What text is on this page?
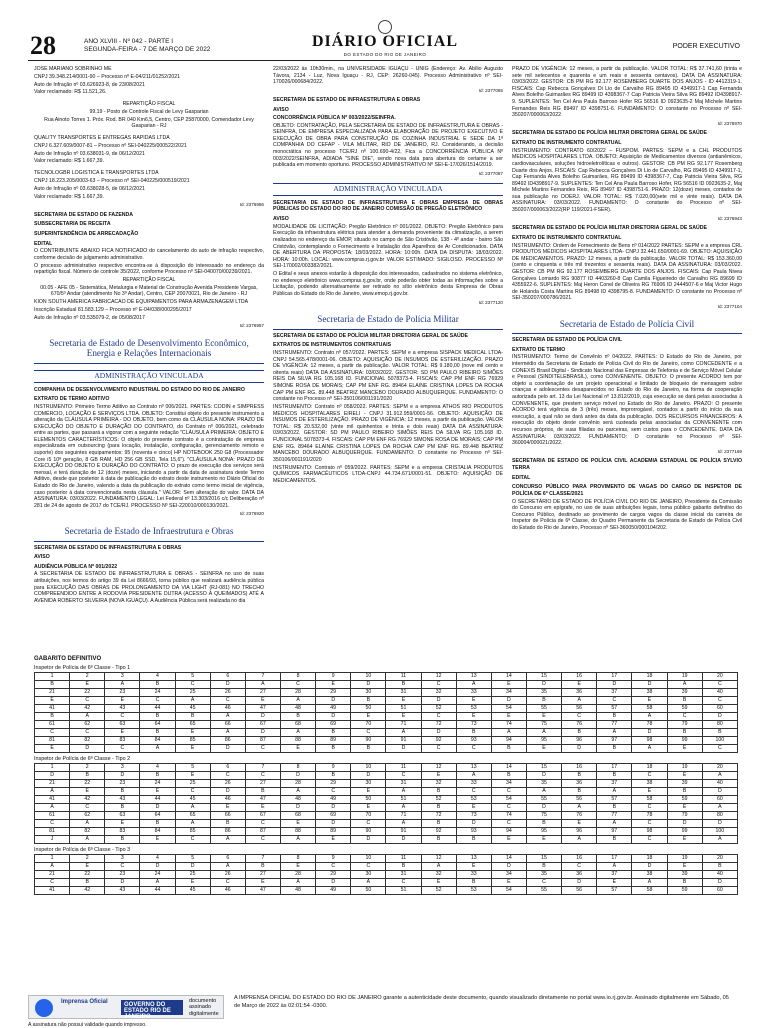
28	ANO XLVIII - Nº 042 - PARTE I
SEGUNDA-FEIRA - 7 DE MARÇO DE 2022	DIÁRIO OFICIAL
DO ESTADO DO RIO DE JANEIRO
PODER EXECUTIVO

JOSE MARIANO SOBRINHO ME

CNPJ 39.348.214/0001-90 – Processo nº E-04/211/01252/2021

Auto de Infração nº 03.626923-8, de 23/08/2021

Valor reclamado: R$ 11.521,26.

REPARTIÇÃO FISCAL

99.19 - Posto de Controle Fiscal de Levy Gasparian

Rua Ainoto Torres 1. Próx. Rod. BR 040 Km6,5, Centro, CEP 25870000, Comendador Levy Gasparian - RJ

QUALITY TRANSPORTES E ENTREGAS RAPIDAS LTDA

CNPJ 6.327.609/0007-81 – Processo nº SEI-040225/000522/2021

Auto de Infração nº 03.638031-9, de 06/12/2021

Valor reclamado: R$ 1.667,39.

TECNOLOGBR LOGISTICA E TRANSPORTES LTDA

CNPJ 18.223.205/0003-63 – Processo nº SEI-040225/000519/2021

Auto de Infração nº 03.638028-5, de 06/12/2021

Valor reclamado: R$ 1.667,39.

Id: 2376956

SECRETARIA DE ESTADO DE FAZENDA

SUBSECRETARIA DE RECEITA

SUPERINTENDÊNCIA DE ARRECADAÇÃO

EDITAL

O CONTRIBUINTE ABAIXO FICA NOTIFICADO do cancelamento do auto de infração respectivo, conforme decisão de julgamento administrativo.

O processo administrativo respectivo encontra-se à disposição do interessado no endereço da repartição fiscal. Número de controle 35/2022, conforme Processo nº SEI-040070/00239/2021.

REPARTIÇÃO FISCAL

00.05 - AFE 05 - Sistemática, Metalurgia e Material de Construção Avenida Presidente Vargas, 670/5º Andar (atendimento No 3º Andar), Centro, CEP 20070021, Rio de Janeiro - RJ

KION SOUTH AMERICA FABRICACAO DE EQUIPAMENTOS PARA ARMAZENAGEM LTDA

Inscrição Estadual 81.583.129 – Processo nº E-04/038/000295/2017

Auto de Infração nº 03.535079-2, de 05/08/2017

Id: 2376957

Secretaria de Estado de Desenvolvimento Econômico, Energia e Relações Internacionais
ADMINISTRAÇÃO VINCULADA

COMPANHIA DE DESENVOLVIMENTO INDUSTRIAL DO ESTADO DO RIO DE JANEIRO

EXTRATO DE TERMO ADITIVO

INSTRUMENTO: Primeiro Termo Aditivo ao Contrato nº 006/2021. PARTES: CODIN e SIMPRESS COMÉRCIO, LOCAÇÃO E SERVIÇOS LTDA. OBJETO: Constitui objeto do presente instrumento a alteração da CLÁUSULA PRIMEIRA - DO OBJETO, bem como da CLÁUSULA NONA: PRAZO DE EXECUÇÃO DO OBJETO E DURAÇÃO DO CONTRATO, do Contrato nº 006/2021, celebrado entre as partes, que passará a vigorar com a seguinte redação "CLÁUSULA PRIMEIRA: OBJETO E ELEMENTOS CARACTERÍSTICOS: O objeto do presente contrato é a contratação de empresa especializada em outsourcing (para locação, instalação, configuração, gerenciamento remoto e suporte) dos seguintes equipamentos: 95 (noventa e cinco) HP NOTEBOOK 250 G8 (Processador Core i5 10ª geração, 8 GB RAM, HD 256 GB SSD, Tela 15,6"). "CLÁUSULA NONA: PRAZO DE EXECUÇÃO DO OBJETO E DURAÇÃO DO CONTRATO: O prazo de execução dos serviços será mensal, e terá duração de 12 (doze) meses, iniciando a partir da data de assinatura deste Termo Aditivo, desde que posterior à data de publicação do extrato deste instrumento no Diário Oficial do Estado do Rio de Janeiro, valendo a data da publicação do extrato como termo inicial de vigência, caso posterior à data convencionada nesta cláusula." VALOR: Sem alteração do valor. DATA DA ASSINATURA: 03/03/2022. FUNDAMENTO LEGAL: Lei Federal nº 13.303/2016 c/c Deliberação nº 281 de 24 de agosto de 2017 do TCE/RJ. PROCESSO Nº SEI-220010/000130/2021.

Id: 2376920

Secretaria de Estado de Infraestrutura e Obras

SECRETARIA DE ESTADO DE INFRAESTRUTURA E OBRAS

AVISO

AUDIÊNCIA PÚBLICA Nº 001/2022

A SECRETARIA DE ESTADO DE INFRAESTRUTURA E OBRAS - SEINFRA no uso de suas atribuições, nos termos do artigo 39 da Lei 8666/93, torna público que realizará audiência pública para EXECUÇÃO DAS OBRAS DE PROLONGAMENTO DA VIA LIGHT (RJ-081) NO TRECHO COMPREENDIDO ENTRE A RODOVIA PRESIDENTE DUTRA (ACESSO À QUEIMADOS) ATÉ A AVENIDA ROBERTO SILVEIRA (NOVA IGUAÇU). A Audiência Pública será realizada no dia

22/03/2022 às 10h30min., na UNIVERSIDADE IGUAÇU - UNIG (Endereço: Av. Abílio Augusto Távora, 2134 - Luz, Nova Iguaçu - RJ, CEP: 26260-045). Processo Administrativo nº SEI-170026/000684/2022.

Id: 2377065

SECRETARIA DE ESTADO DE INFRAESTRUTURA E OBRAS

AVISO

CONCORRÊNCIA PÚBLICA Nº 003/2022/SEINFRA.

OBJETO: CONTRATAÇÃO, PELA SECRETARIA DE ESTADO DE INFRAESTRUTURA E OBRAS - SEINFRA, DE EMPRESA ESPECIALIZADA PARA ELABORAÇÃO DE PROJETO EXECUTIVO E EXECUÇÃO DE OBRA PARA CONSTRUÇÃO DE COZINHA INDUSTRIAL E SEDE DA 1ª COMPANHIA DO CEFAP - VILA MILITAR, RIO DE JANEIRO, RJ. Considerando, a decisão monocrática no processo TCE/RJ nº 100.690-4/22, Fica a CONCORRÊNCIA PÚBLICA Nº 003/2022/SEINFRA, ADIADA "SINE DIE", sendo nova data para abertura do certame a ser publicada em momento oportuno. PROCESSO ADMINISTRATIVO Nº SEI-E-17/026/1514/2019.

Id: 2377087

ADMINISTRAÇÃO VINCULADA

SECRETARIA DE ESTADO DE INFRAESTRUTURA E OBRAS EMPRESA DE OBRAS PÚBLICAS DO ESTADO DO RIO DE JANEIRO COMISSÃO DE PREGÃO ELETRÔNICO

AVISO

MODALIDADE DE LICITAÇÃO: Pregão Eletrônico nº 001/2022. OBJETO: Pregão Eletrônico para Execução da infraestrutura elétrica para atender a demanda proveniente da climatização, a serem realizados no endereço da EMOP, situado no campo de São Cristóvão, 138 - 4º andar - bairro São Cristóvão, contemplando o Fornecimento e Instalação dos Aparelhos de Ar Condicionados. DATA DE ABERTURA DA PROPOSTA: 18/03/2022. HORA: 10:00h. DATA DA DISPUTA: 18/03/2022. HORA: 10:00h. LOCAL: www.compras.rj.gov.br VALOR ESTIMADO: SIGILOSO. PROCESSO Nº SEI-170002/003382/2021.

O Edital e seus anexos estarão à disposição dos interessados, cadastrados no sistema eletrônico, no endereço eletrônico www.compras.rj.gov.br, onde poderão obter todas as informações sobre a Licitação, podendo alternativamente ser retirado no sítio eletrônico desta Empresa de Obras Públicas do Estado do Rio de Janeiro, www.emop.rj.gov.br.

Id: 2377120

Secretaria de Estado de Polícia Militar

SECRETARIA DE ESTADO DE POLÍCIA MILITAR DIRETORIA GERAL DE SAÚDE

EXTRATOS DE INSTRUMENTOS CONTRATUAIS

INSTRUMENTO: Contrato nº 057/2022. PARTES: SEPM e a empresa SISPACK MEDICAL LTDA- CNPJ 54.565.478/0001-06. OBJETO: AQUISIÇÃO DE INSUMOS DE ESTERILIZAÇÃO. PRAZO DE VIGÊNCIA: 12 meses, a partir da publicação. VALOR TOTAL: R$ 9.180,00 (nove mil cento e oitenta reais) DATA DA ASSINATURA: 03/03/2022. GESTOR: SD PM PAULO RIBEIRO SIMÕES REIS DA SILVA RG 105.168 ID. FUNCIONAL 5078373-4. FISCAIS: CAP PM ENF RG 76929 SIMONE ROSA DE MORAIS; CAP PM ENF RG. 89464 ELAINE CRISTINA LOPES DA ROCHA CAP PM ENF RG. 89.448 BEATRIZ MANCEBO DOURADO ALBUQUERQUE. FUNDAMENTO: O constante no Processo nº SEI-350106/001191/2020

INSTRUMENTO: Contrato nº 058/2022. PARTES: SEPM e a empresa ATHOS RIO PRODUTOS MEDICOS HOSPITALARES EIRELI - CNPJ 31.912.959/0001-56. OBJETO: AQUISIÇÃO DE INSUMOS DE ESTERILIZAÇÃO. PRAZO DE VIGÊNCIA: 12 meses, a partir da publicação. VALOR TOTAL: R$ 20.532,00 (vinte mil quinhentos e trinta e dois reais) DATA DA ASSINATURA: 03/03/2022. GESTOR: SD PM PAULO RIBEIRO SIMÕES REIS DA SILVA RG 105.168 ID. FUNCIONAL 5078373-4. FISCAIS: CAP PM ENF RG 76929 SIMONE ROSA DE MORAIS; CAP PM ENF RG. 89464 ELAINE CRISTINA LOPES DA ROCHA CAP PM ENF RG. 89.448 BEATRIZ MANCEBO DOURADO ALBUQUERQUE. FUNDAMENTO: O constante no Processo nº SEI-350106/001191/2020

INSTRUMENTO: Contrato nº 059/2022. PARTES: SEPM e a empresa CRISTALIA PRODUTOS QUÍMICOS FARMACÊUTICOS LTDA-CNPJ 44.734.671/0001-51. OBJETO: AQUISIÇÃO DE MEDICAMENTOS.

PRAZO DE VIGÊNCIA: 12 meses, a partir da publicação. VALOR TOTAL: R$ 37.741,60 (trinta e sete mil setecentos e quarenta e um reais e sessenta centavos). DATA DA ASSINATURA: 03/03/2022. GESTOR: CB PM RG 92.177 ROSEMBERG DUARTE DOS ANJOS - ID 4412319-1. FISCAIS: Cap Rebecca Gonçalves Di Lio de Carvalho RG 89495 ID 4349917-1 Cap Fernanda Alves Bolelho Guimarães RG 89499 ID 4398367-7 Cap Patricia Vieira Silva RG 89492 ID4398917-9. SUPLENTES: Ten Cel Ana Paula Barroso Hofer RG 56516 ID 0923635-2 Maj Michele Martins Fernandes Reis RG 89497 ID 4398751-6. FUNDAMENTO: O constante no Processo nº SEI-350207/000063/2022

Id: 2376970

SECRETARIA DE ESTADO DE POLÍCIA MILITAR DIRETORIA GERAL DE SAÚDE

EXTRATO DE INSTRUMENTO CONTRATUAL

INSTRUMENTO: CONTRATO 60/2022 – FUSPOM. PARTES: SEPM e a CHL PRODUTOS MEDICOS HOSPITALARES LTDA. OBJETO: Aquisição de Medicamentos diversos (antianêmicos, cardiovasculares, soluções hidroeletrolíticas e outros). GESTOR: CB PM RG 92.177 Rosemberg Duarte dos Anjos. FISCAIS: Cap Rebecca Gonçalves Di Lio de Carvalho, RG 89495 ID 4349917-1, Cap Fernanda Alves Bolelho Guimarães, RG 89499 ID 4398367-7, Cap Patricia Vieira Silva, RG 89492 ID4398917-9. SUPLENTES: Ten Cel Ana Paula Barroso Hofer, RG 56516 ID 0923635-2, Maj Michele Martins Fernandes Reis, RG 89497 ID 4398751-6. PRAZO: 12(doze) meses, contados de sua publicação no DOERJ. VALOR TOTAL: R$ 7.020,00(sete mil e vinte reais). DATA DA ASSINATURA: 03/03/2022. FUNDAMENTO: O constante do Processo nº SEI-350207/000063/2022(RP 119/2021-FSER).

Id: 2376943

SECRETARIA DE ESTADO DE POLÍCIA MILITAR DIRETORIA GERAL DE SAÚDE

EXTRATO DE INSTRUMENTO CONTRATUAL

INSTRUMENTO: Ordem de Fornecimento de Bens nº 014/2022 PARTES: SEPM e a empresa CRL PRODUTOS MÉDICOS HOSPITALARES LTDA- CNPJ 32.441.650/0001-69. OBJETO: AQUISIÇÃO DE MEDICAMENTOS. PRAZO: 12 meses, a partir da publicação. VALOR TOTAL: R$ 153.360,00 (cento e cinquenta e três mil trezentos e sessenta reais). DATA DA ASSINATURA: 03/03/2022. GESTOR: CB PM RG 92.177 ROSEMBERG DUARTE DOS ANJOS. FISCAIS: Cap Paula Nivea Gonçalves Lomardo RG 90877 ID 4403260-8 Cap Camila Figueiredo de Carvalho RG 89699 ID 4355922-6. SUPLENTES: Maj Heron Conel de Oliveira RG 76906 ID 2444507-6 e Maj Victor Hugo de Holanda Costa Martins RG 89498 ID 4398795-8. FUNDAMENTO: O constante no Processo nº SEI-350207/000786/2021.

Id: 2377104

Secretaria de Estado de Polícia Civil

SECRETARIA DE ESTADO DE POLÍCIA CIVIL

EXTRATO DE TERMO

INSTRUMENTO: Termo de Convênio nº 04/2022. PARTES: O Estado do Rio de Janeiro, por intermédio da Secretaria de Estado de Polícia Civil do Rio de Janeiro, como CONCEDENTE e a CONEXIS Brasil Digital - Sindicato Nacional das Empresas de Telefonia e de Serviço Móvel Celular e Pessoal (SINDITELEBRASIL), como CONVENENTE. OBJETO: O presente ACORDO tem por objeto a coordenação de um projeto operacional e limitado de bloqueio de mensagem sobre crianças e adolescentes desaparecidos no Estado do Rio de Janeiro, na forma de cooperação autorizada pelo art. 13 da Lei Nacional nº 13.812/2019, cuja execução se dará pelas associadas à CONVENENTE, que prestem serviço móvel no Estado do Rio de Janeiro. PRAZO: O presente ACORDO terá vigência de 3 (três) meses, improrrogável, contados a partir do início da sua execução, a qual não se dará antes da data da publicação. DOS RECURSOS FINANCEIROS: A execução do objeto deste convênio será custeada pelas associadas da CONVENENTE com recursos próprios, de suas filiadas ou parceiras, sem custos para o CONCEDENTE. DATA DA ASSINATURA: 03/03/2022. FUNDAMENTO: O constante no Processo nº SEI-360004/000021/2022.

Id: 2377169

SECRETARIA DE ESTADO DE POLÍCIA CIVIL ACADEMIA ESTADUAL DE POLÍCIA SYLVIO TERRA

EDITAL

CONCURSO PÚBLICO PARA PROVIMENTO DE VAGAS DO CARGO DE INSPETOR DE POLÍCIA DE 6ª CLASSE/2021

O SECRETÁRIO DE ESTADO DE POLÍCIA CIVIL DO RIO DE JANEIRO, Presidente da Comissão do Concurso em epígrafe, no uso de suas atribuições legais, torna público gabarito definitivo do Concurso Público, destinado ao provimento de cargos vagos da classe inicial da carreira de Inspetor de Polícia de 6ª Classe, do Quadro Permanente da Secretaria de Estado de Polícia Civil do Estado do Rio de Janeiro, Processo nº SEI-360050/000104/202.

GABARITO DEFINITIVO
Inspetor de Polícia de 6ª Classe - Tipo 1
1	2	3	4	5	6	7	8	9	10	11	12	13	14	15	16	17	18	19	20
B	E	A	B	C	D	A	C	E	D	B	C	A	E	D	E	D	D	A	C
21	22	23	24	25	26	27	28	29	30	31	32	33	34	35	36	37	38	39	40
E	C	E	C	A	C	E	A	D	B	E	D	E	D	B	A	C	E	B	C
41	42	43	44	45	46	47	48	49	50	51	52	53	54	55	56	57	58	59	60
B	A	C	B	B	A	D	B	D	E	E	C	E	E	E	C	B	A	C	D
61	62	63	64	65	66	67	68	69	70	71	72	73	74	75	76	77	78	79	80
C	C	E	B	E	A	D	A	B	C	A	D	B	A	A	B	A	D	B	B
81	82	83	84	85	86	87	88	89	90	91	92	93	94	95	96	97	98	99	100
E	D	C	A	E	D	C	E	B	B	D	C	C	B	E	D	B	A	E	C
Inspetor de Polícia de 6ª Classe - Tipo 2
1	2	3	4	5	6	7	8	9	10	11	12	13	14	15	16	17	18	19	20
D	B	D	B	E	C	C	D	B	D	C	E	A	B	D	B	B	C	E	A
21	22	23	24	25	26	27	28	29	30	31	32	33	34	35	36	37	38	39	40
A	E	B	E	C	D	B	A	C	E	A	B	C	C	A	B	A	E	B	D
41	42	43	44	45	46	47	48	49	50	51	52	53	54	55	56	57	58	59	60
A	C	B	D	A	E	E	D	D	E	A	B	E	C	D	A	B	C	E	A
61	62	63	64	65	66	67	68	69	70	71	72	73	74	75	76	77	78	79	80
C	A	E	B	A	B	C	E	D	C	A	B	D	C	B	E	A	C	D	D
81	82	83	84	85	86	87	88	89	90	91	92	93	94	95	96	97	98	99	100
J	A	B	E	C	A	C	A	E	D	D	B	B	E	E	A	B	C	E	A
Inspetor de Polícia de 6ª Classe - Tipo 3
1	2	3	4	5	6	7	8	9	10	11	12	13	14	15	16	17	18	19	20
A	E	C	D	D	A	B	E	C	C	B	A	E	D	B	C	A	D	E	B
21	22	23	24	25	26	27	28	29	30	31	32	33	34	35	36	37	38	39	40
C	B	D	A	E	C	E	A	D	A	C	E	B	E	C	D	E	A	B	D
41	42	43	44	45	46	47	48	49	50	51	52	53	54	55	56	57	58	59	60
Imprensa Oficial	GOVERNO DO ESTADO RIO DE JANEIRO
documento assinado digitalmente
A IMPRENSA OFICIAL DO ESTADO DO RIO DE JANEIRO garante a autenticidade deste documento, quando visualizado diretamente no portal www.io.rj.gov.br. Assinado digitalmente em Sábado, 05 de Março de 2022 às 02:01:54 -0300.
A assinatura não possui validade quando impresso.
